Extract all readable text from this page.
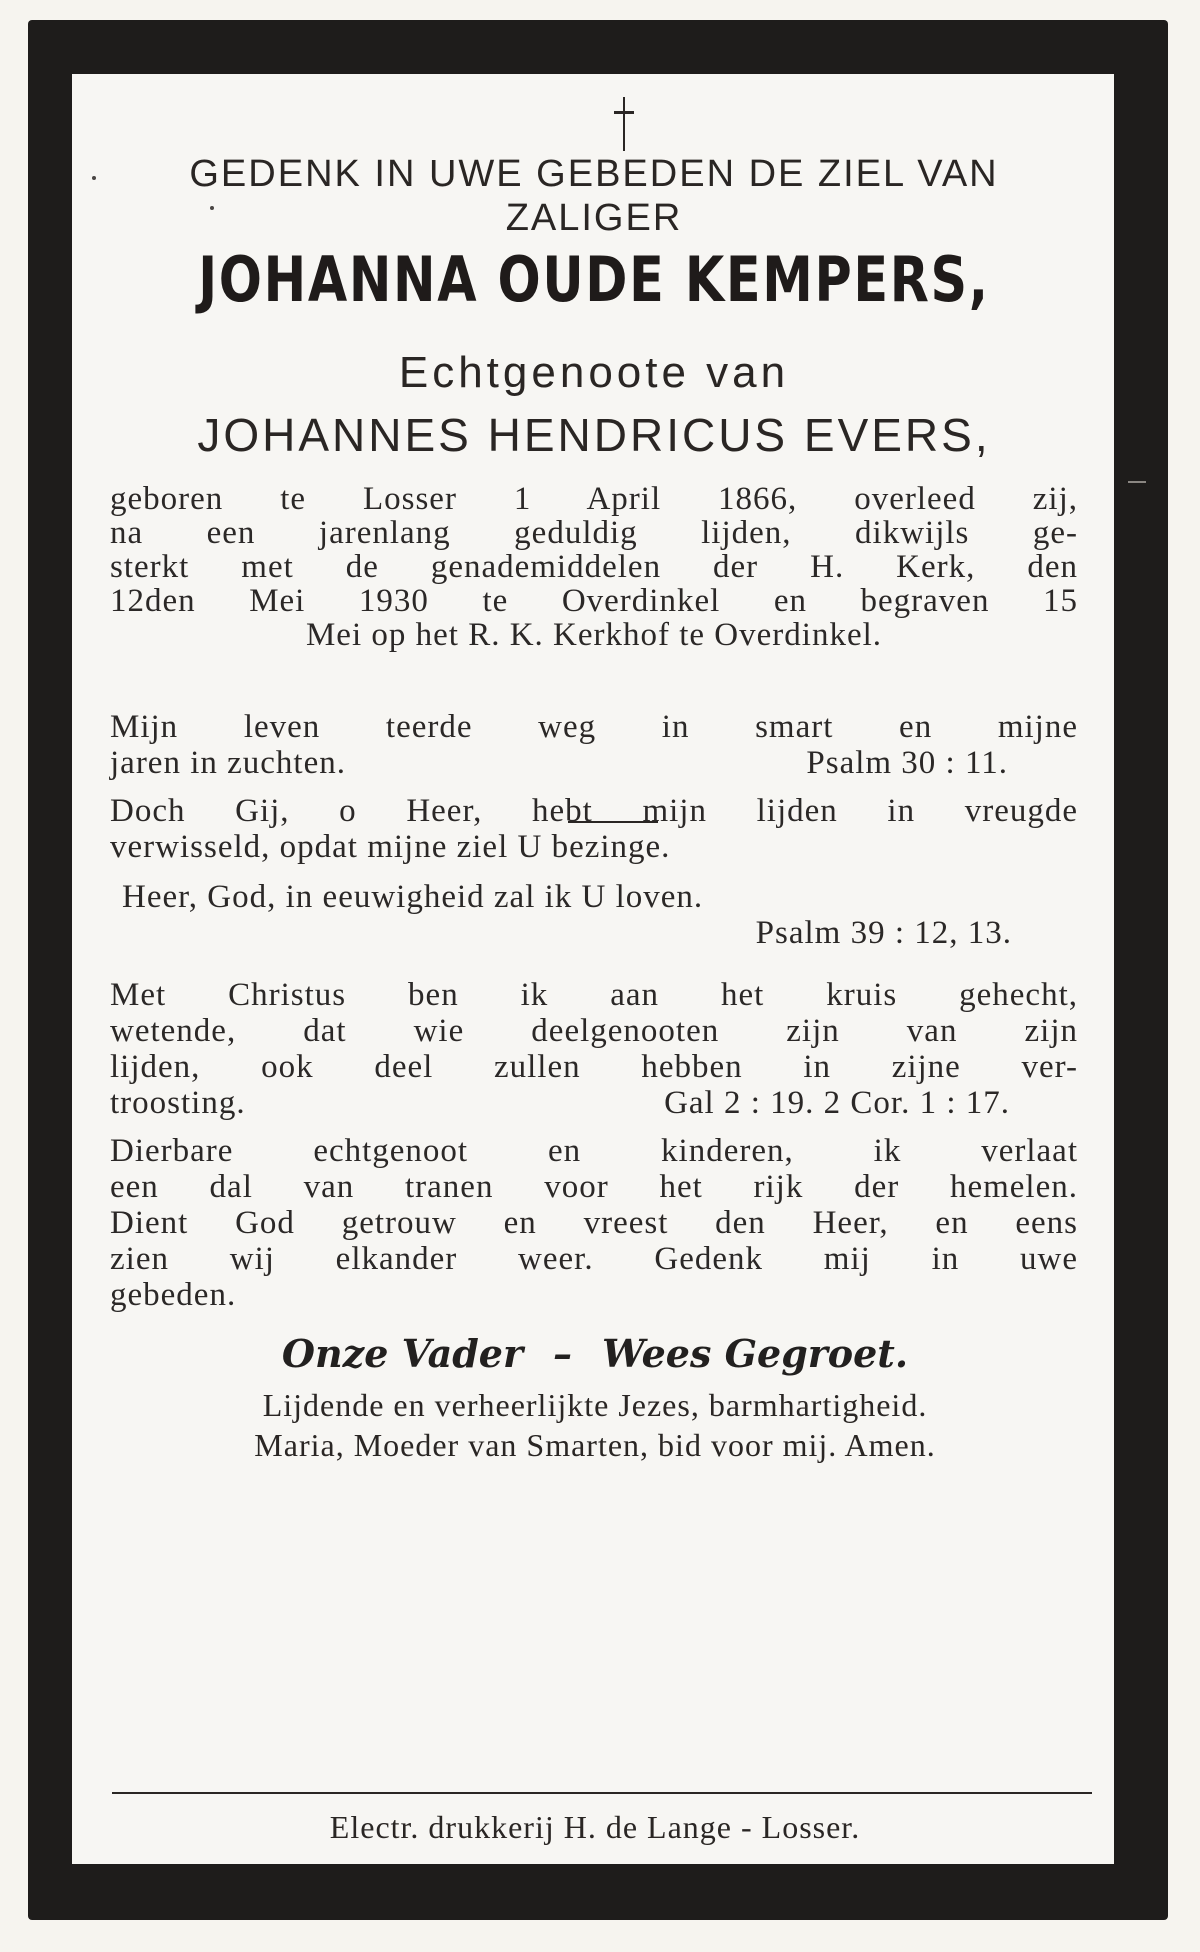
GEDENK IN UWE GEBEDEN DE ZIEL VAN
ZALIGER
JOHANNA OUDE KEMPERS,
Echtgenoote van
JOHANNES HENDRICUS EVERS,
geboren te Losser 1 April 1866, overleed zij,
na een jarenlang geduldig lijden, dikwijls ge-
sterkt met de genademiddelen der H. Kerk, den
12den Mei 1930 te Overdinkel en begraven 15
Mei op het R. K. Kerkhof te Overdinkel.
Mijn leven teerde weg in smart en mijne
jaren in zuchten.	Psalm 30 : 11.
Doch Gij, o Heer, hebt mijn lijden in vreugde
verwisseld, opdat mijne ziel U bezinge.
Heer, God, in eeuwigheid zal ik U loven.
Psalm 39 : 12, 13.
Met Christus ben ik aan het kruis gehecht,
wetende, dat wie deelgenooten zijn van zijn
lijden, ook deel zullen hebben in zijne ver-
troosting.	Gal 2 : 19. 2 Cor. 1 : 17.
Dierbare echtgenoot en kinderen, ik verlaat
een dal van tranen voor het rijk der hemelen.
Dient God getrouw en vreest den Heer, en eens
zien wij elkander weer. Gedenk mij in uwe
gebeden.
Onze Vader – Wees Gegroet.
Lijdende en verheerlijkte Jezes, barmhartigheid.
Maria, Moeder van Smarten, bid voor mij. Amen.
Electr. drukkerij H. de Lange - Losser.
